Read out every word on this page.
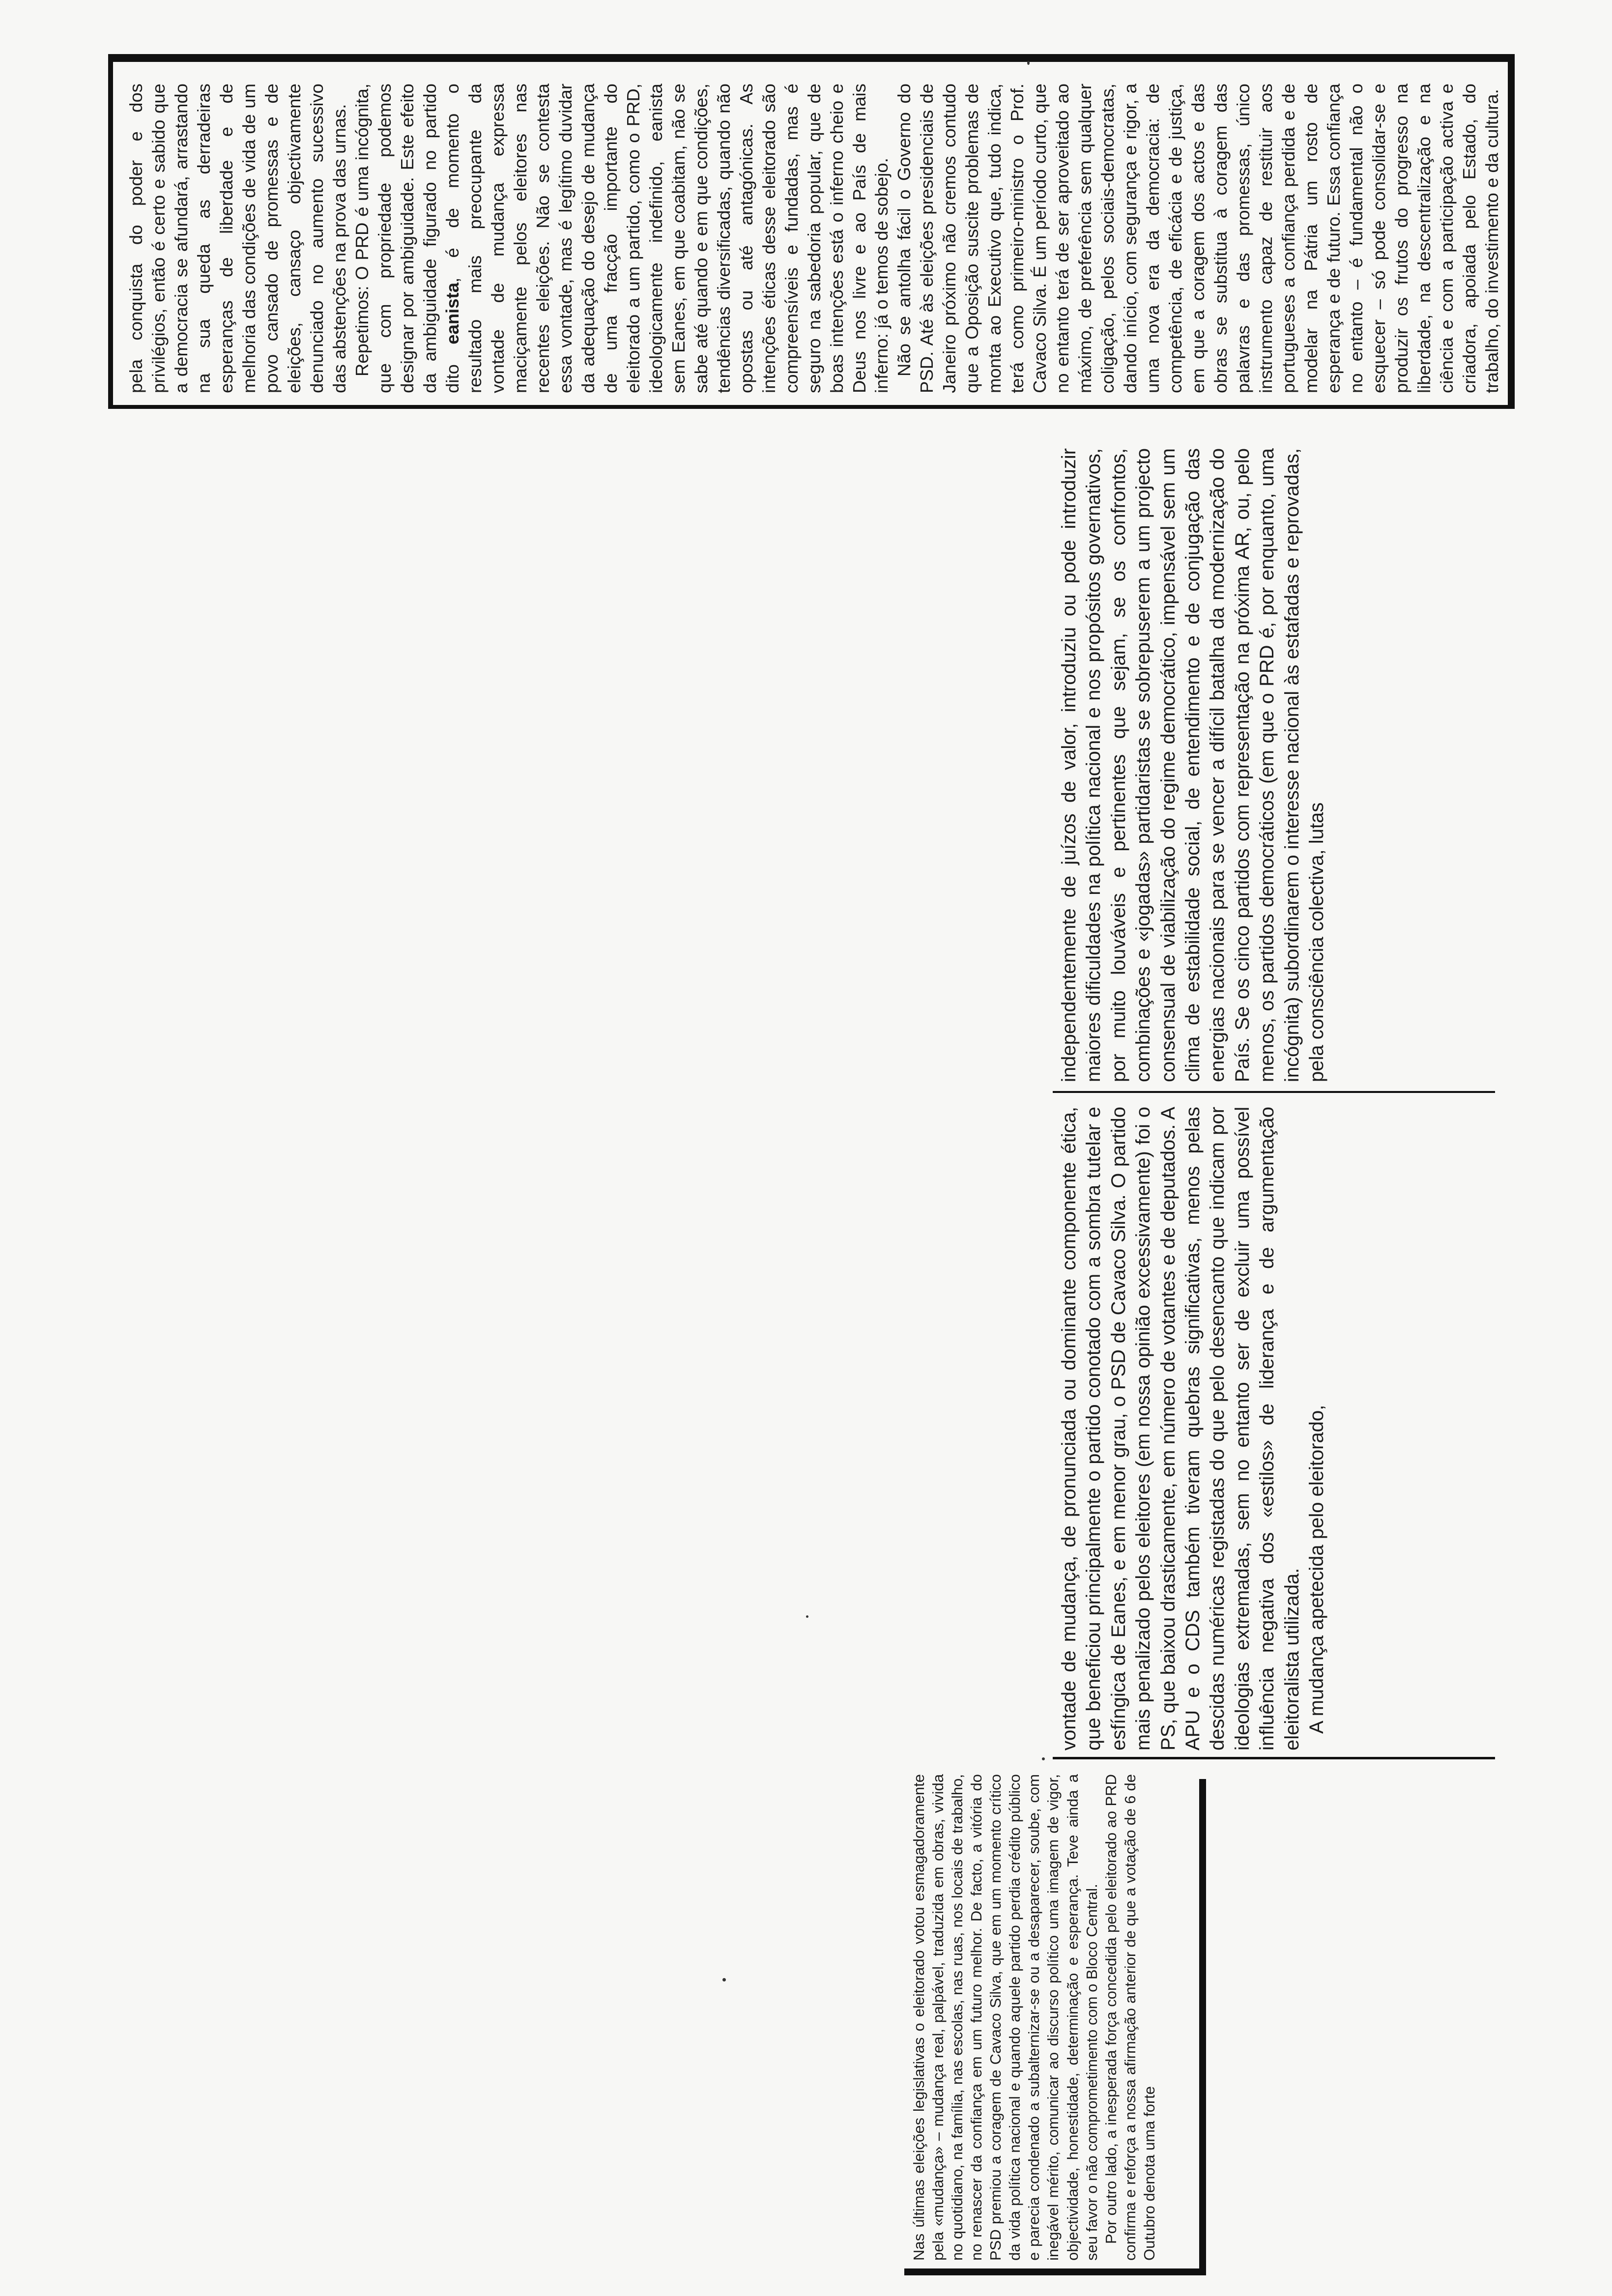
Nas últimas eleições legislativas o eleitorado votou esmagadoramente pela «mudança» – mudança real, palpável, traduzida em obras, vivida no quotidiano, na família, nas escolas, nas ruas, nos locais de trabalho, no renascer da confiança em um futuro melhor. De facto, a vitória do PSD premiou a coragem de Cavaco Silva, que em um momento crítico da vida política nacional e quando aquele partido perdia crédito público e parecia condenado a subalternizar-se ou a desaparecer, soube, com inegável mérito, comunicar ao discurso político uma imagem de vigor, objectividade, honestidade, determinação e esperança. Teve ainda a seu favor o não comprometimento com o Bloco Central. Por outro lado, a inesperada força concedida pelo eleitorado ao PRD confirma e reforça a nossa afirmação anterior de que a votação de 6 de Outubro denota uma forte

vontade de mudança, de pronunciada ou dominante componente ética, que beneficiou principalmente o partido conotado com a sombra tutelar e esfíngica de Eanes, e em menor grau, o PSD de Cavaco Silva. O partido mais penalizado pelos eleitores (em nossa opinião excessivamente) foi o PS, que baixou drasticamente, em número de votantes e de deputados. A APU e o CDS também tiveram quebras significativas, menos pelas descidas numéricas registadas do que pelo desencanto que indicam por ideologias extremadas, sem no entanto ser de excluir uma possível influência negativa dos «estilos» de liderança e de argumentação eleitoralista utilizada. A mudança apetecida pelo eleitorado,

independentemente de juízos de valor, introduziu ou pode introduzir maiores dificuldades na política nacional e nos propósitos governativos, por muito louváveis e pertinentes que sejam, se os confrontos, combinações e «jogadas» partidaristas se sobrepuserem a um projecto consensual de viabilização do regime democrático, impensável sem um clima de estabilidade social, de entendimento e de conjugação das energias nacionais para se vencer a difícil batalha da modernização do País. Se os cinco partidos com representação na próxima AR, ou, pelo menos, os partidos democráticos (em que o PRD é, por enquanto, uma incógnita) subordinarem o interesse nacional às estafadas e reprovadas, pela consciência colectiva, lutas

pela conquista do poder e dos privilégios, então é certo e sabido que a democracia se afundará, arrastando na sua queda as derradeiras esperanças de liberdade e de melhoria das condições de vida de um povo cansado de promessas e de eleições, cansaço objectivamente denunciado no aumento sucessivo das abstenções na prova das urnas. Repetimos: O PRD é uma incógnita, que com propriedade podemos designar por ambiguidade. Este efeito da ambiguidade figurado no partido dito eanista, é de momento o resultado mais preocupante da vontade de mudança expressa maciçamente pelos eleitores nas recentes eleições. Não se contesta essa vontade, mas é legítimo duvidar da adequação do desejo de mudança de uma fracção importante do eleitorado a um partido, como o PRD, ideologicamente indefinido, eanista sem Eanes, em que coabitam, não se sabe até quando e em que condições, tendências diversificadas, quando não opostas ou até antagónicas. As intenções éticas desse eleitorado são compreensíveis e fundadas, mas é seguro na sabedoria popular, que de boas intenções está o inferno cheio e Deus nos livre e ao País de mais inferno: já o temos de sobejo. Não se antolha fácil o Governo do PSD. Até às eleições presidenciais de Janeiro próximo não cremos contudo que a Oposição suscite problemas de monta ao Executivo que, tudo indica, terá como primeiro-ministro o Prof. Cavaco Silva. É um período curto, que no entanto terá de ser aproveitado ao máximo, de preferência sem qualquer coligação, pelos sociais-democratas, dando início, com segurança e rigor, a uma nova era da democracia: de competência, de eficácia e de justiça, em que a coragem dos actos e das obras se substitua à coragem das palavras e das promessas, único instrumento capaz de restituir aos portugueses a confiança perdida e de modelar na Pátria um rosto de esperança e de futuro. Essa confiança no entanto – é fundamental não o esquecer – só pode consolidar-se e produzir os frutos do progresso na liberdade, na descentralização e na ciência e com a participação activa e criadora, apoiada pelo Estado, do trabalho, do investimento e da cultura.
